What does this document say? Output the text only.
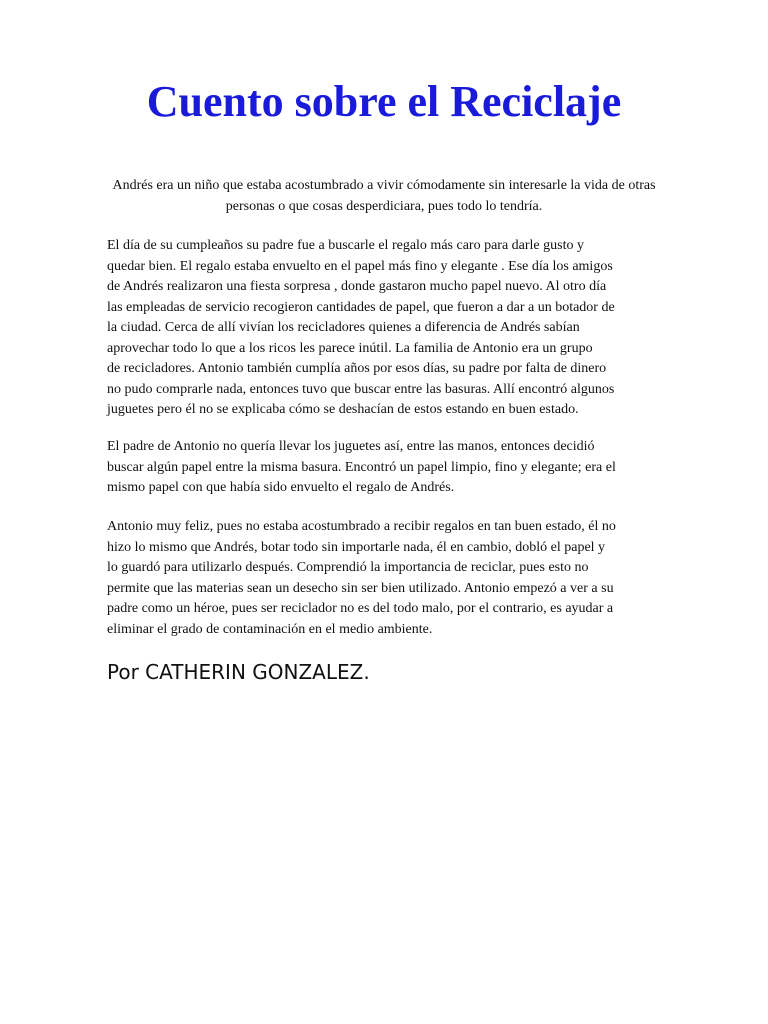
Cuento sobre el Reciclaje

Andrés era un niño que estaba acostumbrado a vivir cómodamente sin interesarle la vida de otras personas o que cosas desperdiciara, pues todo lo tendría.

El día de su cumpleaños su padre fue a buscarle el regalo más caro para darle gusto y
quedar bien. El regalo estaba envuelto en el papel más fino y elegante . Ese día los amigos
de Andrés realizaron una fiesta sorpresa , donde gastaron mucho papel nuevo. Al otro día
las empleadas de servicio recogieron cantidades de papel, que fueron a dar a un botador de
la ciudad. Cerca de allí vivían los recicladores quienes a diferencia de Andrés sabían
aprovechar todo lo que a los ricos les parece inútil. La familia de Antonio era un grupo
de recicladores. Antonio también cumplía años por esos días, su padre por falta de dinero
no pudo comprarle nada, entonces tuvo que buscar entre las basuras. Allí encontró algunos
juguetes pero él no se explicaba cómo se deshacían de estos estando en buen estado.

El padre de Antonio no quería llevar los juguetes así, entre las manos, entonces decidió
buscar algún papel entre la misma basura. Encontró un papel limpio, fino y elegante; era el
mismo papel con que había sido envuelto el regalo de Andrés.

Antonio muy feliz, pues no estaba acostumbrado a recibir regalos en tan buen estado, él no
hizo lo mismo que Andrés, botar todo sin importarle nada, él en cambio, dobló el papel y
lo guardó para utilizarlo después. Comprendió la importancia de reciclar, pues esto no
permite que las materias sean un desecho sin ser bien utilizado. Antonio empezó a ver a su
padre como un héroe, pues ser reciclador no es del todo malo, por el contrario, es ayudar a
eliminar el grado de contaminación en el medio ambiente.

Por CATHERIN GONZALEZ.
